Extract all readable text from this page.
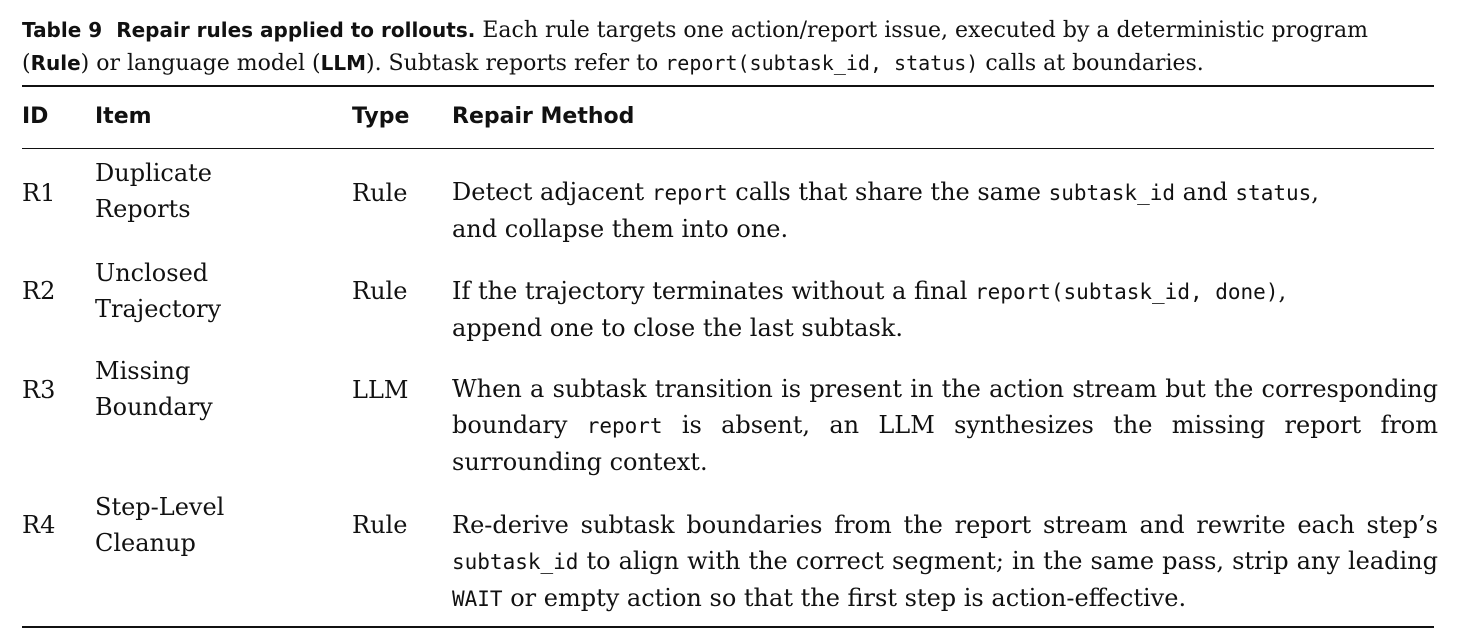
Table 9 Repair rules applied to rollouts. Each rule targets one action/report issue, executed by a deterministic program (Rule) or language model (LLM). Subtask reports refer to report(subtask_id, status) calls at boundaries.
ID Item	Type Repair Method
R1
Duplicate
Reports
Rule Detect adjacent report calls that share the same subtask_id and status,
and collapse them into one.
R2
Unclosed
Trajectory
Rule If the trajectory terminates without a final report(subtask_id, done),
append one to close the last subtask.
R3
Missing
Boundary
LLM When a subtask transition is present in the action stream but the corresponding boundary report is absent, an LLM synthesizes the missing report from surrounding context.
R4
Step-Level
Cleanup
Rule Re-derive subtask boundaries from the report stream and rewrite each step’s subtask_id to align with the correct segment; in the same pass, strip any leading WAIT or empty action so that the first step is action-effective.
